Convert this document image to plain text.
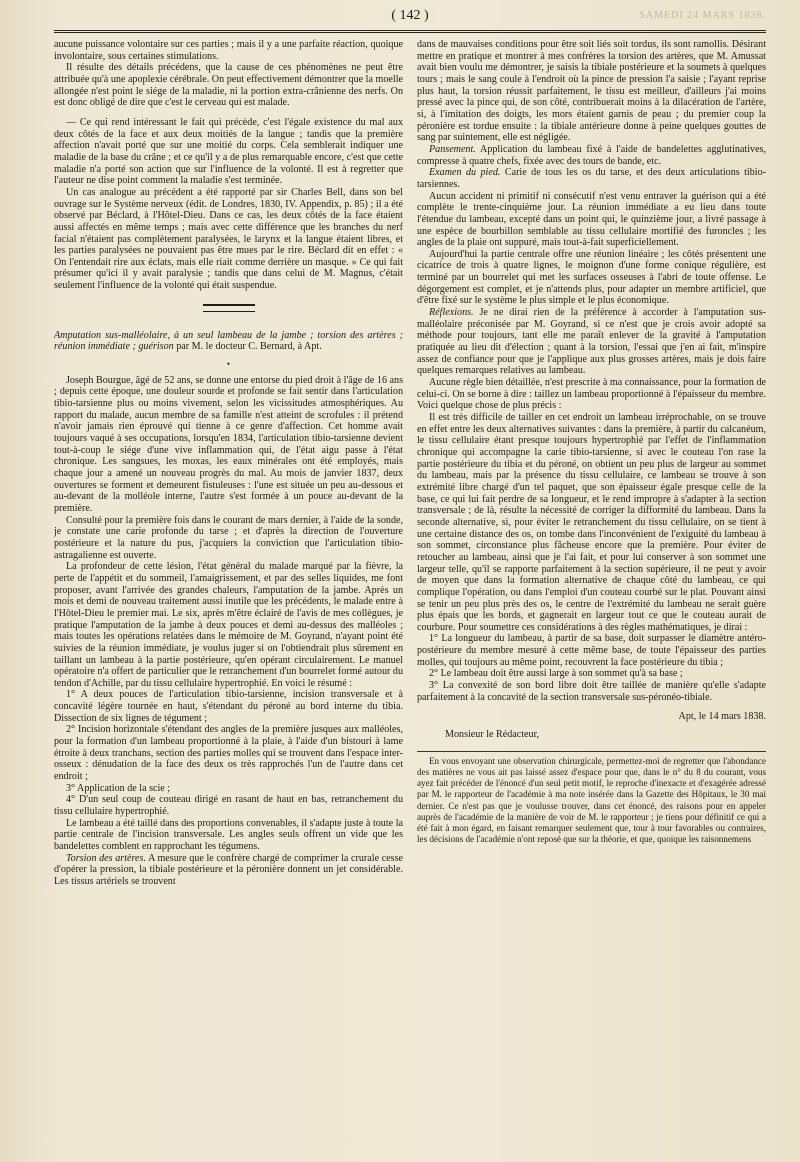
( 142 )	SAMEDI 24 MARS 1838.

aucune puissance volontaire sur ces parties ; mais il y a une parfaite réaction, quoique involontaire, sous certaines stimulations.

Il résulte des détails précédens, que la cause de ces phénomènes ne peut être attribuée qu'à une apoplexie cérébrale. On peut effectivement démontrer que la moelle allongée n'est point le siége de la maladie, ni la portion extra-crânienne des nerfs. On est donc obligé de dire que c'est le cerveau qui est malade.

— Ce qui rend intéressant le fait qui précède, c'est l'égale existence du mal aux deux côtés de la face et aux deux moitiés de la langue ; tandis que la première affection n'avait porté que sur une moitié du corps. Cela semblerait indiquer une maladie de la base du crâne ; et ce qu'il y a de plus remarquable encore, c'est que cette maladie n'a porté son action que sur l'influence de la volonté. Il est à regretter que l'auteur ne dise point comment la maladie s'est terminée.

Un cas analogue au précédent a été rapporté par sir Charles Bell, dans son bel ouvrage sur le Système nerveux (édit. de Londres, 1830, IV. Appendix, p. 85) ; il a été observé par Béclard, à l'Hôtel-Dieu. Dans ce cas, les deux côtés de la face étaient aussi affectés en même temps ; mais avec cette différence que les branches du nerf facial n'étaient pas complètement paralysées, le larynx et la langue étaient libres, et les parties paralysées ne pouvaient pas être mues par le rire. Béclard dit en effet : « On l'entendait rire aux éclats, mais elle riait comme derrière un masque. » Ce qui fait présumer qu'ici il y avait paralysie ; tandis que dans celui de M. Magnus, c'était seulement l'influence de la volonté qui était suspendue.

Amputation sus-malléolaire, à un seul lambeau de la jambe ; torsion des artères ; réunion immédiate ; guérison par M. le docteur C. Bernard, à Apt.

•

Joseph Bourgue, âgé de 52 ans, se donne une entorse du pied droit à l'âge de 16 ans ; depuis cette époque, une douleur sourde et profonde se fait sentir dans l'articulation tibio-tarsienne plus ou moins vivement, selon les vicissitudes atmosphériques. Au rapport du malade, aucun membre de sa famille n'est atteint de scrofules : il prétend n'avoir jamais rien éprouvé qui tienne à ce genre d'affection. Cet homme avait toujours vaqué à ses occupations, lorsqu'en 1834, l'articulation tibio-tarsienne devient tout-à-coup le siége d'une vive inflammation qui, de l'état aigu passe à l'état chronique. Les sangsues, les moxas, les eaux minérales ont été employés, mais chaque jour a amené un nouveau progrès du mal. Au mois de janvier 1837, deux ouvertures se forment et demeurent fistuleuses : l'une est située un peu au-dessous et au-devant de la molléole interne, l'autre s'est formée à un pouce au-devant de la première.

Consulté pour la première fois dans le courant de mars dernier, à l'aide de la sonde, je constate une carie profonde du tarse ; et d'après la direction de l'ouverture postérieure et la nature du pus, j'acquiers la conviction que l'articulation tibio-astragalienne est ouverte.

La profondeur de cette lésion, l'état général du malade marqué par la fièvre, la perte de l'appétit et du sommeil, l'amaigrissement, et par des selles liquides, me font proposer, avant l'arrivée des grandes chaleurs, l'amputation de la jambe. Après un mois et demi de nouveau traitement aussi inutile que les précédents, le malade entre à l'Hôtel-Dieu le premier mai. Le six, après m'être éclairé de l'avis de mes collègues, je pratique l'amputation de la jambe à deux pouces et demi au-dessus des malléoles ; mais toutes les opérations relatées dans le mémoire de M. Goyrand, n'ayant point été suivies de la réunion immédiate, je voulus juger si on l'obtiendrait plus sûrement en taillant un lambeau à la partie postérieure, qu'en opérant circulairement. Le manuel opératoire n'a offert de particulier que le retranchement d'un bourrelet formé autour du tendon d'Achille, par du tissu cellulaire hypertrophié. En voici le résumé :

1° A deux pouces de l'articulation tibio-tarsienne, incision transversale et à concavité légère tournée en haut, s'étendant du péroné au bord interne du tibia. Dissection de six lignes de tégument ;

2° Incision horizontale s'étendant des angles de la première jusques aux malléoles, pour la formation d'un lambeau proportionné à la plaie, à l'aide d'un bistouri à lame étroite à deux tranchans, section des parties molles qui se trouvent dans l'espace inter-osseux : dénudation de la face des deux os très rapprochés l'un de l'autre dans cet endroit ;

3° Application de la scie ;

4° D'un seul coup de couteau dirigé en rasant de haut en bas, retranchement du tissu cellulaire hypertrophié.

Le lambeau a été taillé dans des proportions convenables, il s'adapte juste à toute la partie centrale de l'incision transversale. Les angles seuls offrent un vide que les bandelettes comblent en rapprochant les tégumens.

Torsion des artères. A mesure que le confrère chargé de comprimer la crurale cesse d'opérer la pression, la tibiale postérieure et la péronière donnent un jet considérable. Les tissus artériels se trouvent

dans de mauvaises conditions pour être soit liés soit tordus, ils sont ramollis. Désirant mettre en pratique et montrer à mes confrères la torsion des artères, que M. Amussat avait bien voulu me démontrer, je saisis la tibiale postérieure et la soumets à quelques tours ; mais le sang coule à l'endroit où la pince de pression l'a saisie ; l'ayant reprise plus haut, la torsion réussit parfaitement, le tissu est meilleur, d'ailleurs j'ai moins pressé avec la pince qui, de son côté, contribuerait moins à la dilacération de l'artère, si, à l'imitation des doigts, les mors étaient garnis de peau ; du premier coup la péronière est tordue ensuite : la tibiale antérieure donne à peine quelques gouttes de sang par suintement, elle est négligée.

Pansement. Application du lambeau fixé à l'aide de bandelettes agglutinatives, compresse à quatre chefs, fixée avec des tours de bande, etc.

Examen du pied. Carie de tous les os du tarse, et des deux articulations tibio-tarsiennes.

Aucun accident ni primitif ni consécutif n'est venu entraver la guérison qui a été complète le trente-cinquième jour. La réunion immédiate a eu lieu dans toute l'étendue du lambeau, excepté dans un point qui, le quinzième jour, a livré passage à une espèce de bourbillon semblable au tissu cellulaire mortifié des furoncles ; les angles de la plaie ont suppuré, mais tout-à-fait superficiellement.

Aujourd'hui la partie centrale offre une réunion linéaire ; les côtés présentent une cicatrice de trois à quatre lignes, le moignon d'une forme conique régulière, est terminé par un bourrelet qui met les surfaces osseuses à l'abri de toute offense. Le dégorgement est complet, et je n'attends plus, pour adapter un membre artificiel, que d'être fixé sur le système le plus simple et le plus économique.

Réflexions. Je ne dirai rien de la préférence à accorder à l'amputation sus-malléolaire préconisée par M. Goyrand, si ce n'est que je crois avoir adopté sa méthode pour toujours, tant elle me paraît enlever de la gravité à l'amputation pratiquée au lieu dit d'élection ; quant à la torsion, l'essai que j'en ai fait, m'inspire assez de confiance pour que je l'applique aux plus grosses artères, mais je dois faire quelques remarques relatives au lambeau.

Aucune règle bien détaillée, n'est prescrite à ma connaissance, pour la formation de celui-ci. On se borne à dire : taillez un lambeau proportionné à l'épaisseur du membre. Voici quelque chose de plus précis :

Il est très difficile de tailler en cet endroit un lambeau irréprochable, on se trouve en effet entre les deux alternatives suivantes : dans la première, à partir du calcanéum, le tissu cellulaire étant presque toujours hypertrophié par l'effet de l'inflammation chronique qui accompagne la carie tibio-tarsienne, si avec le couteau l'on rase la partie postérieure du tibia et du péroné, on obtient un peu plus de largeur au sommet du lambeau, mais par la présence du tissu cellulaire, ce lambeau se trouve à son extrémité libre chargé d'un tel paquet, que son épaisseur égale presque celle de la base, ce qui lui fait perdre de sa longueur, et le rend impropre à s'adapter à la section transversale ; de là, résulte la nécessité de corriger la difformité du lambeau. Dans la seconde alternative, si, pour éviter le retranchement du tissu cellulaire, on se tient à une certaine distance des os, on tombe dans l'inconvénient de l'exiguité du lambeau à son sommet, circonstance plus fâcheuse encore que la première. Pour éviter de retoucher au lambeau, ainsi que je l'ai fait, et pour lui conserver à son sommet une largeur telle, qu'il se rapporte parfaitement à la section supérieure, il ne peut y avoir de moyen que dans la formation alternative de chaque côté du lambeau, ce qui complique l'opération, ou dans l'emploi d'un couteau courbé sur le plat. Pouvant ainsi se tenir un peu plus près des os, le centre de l'extrémité du lambeau ne serait guère plus épais que les bords, et gagnerait en largeur tout ce que le couteau aurait de courbure. Pour soumettre ces considérations à des règles mathématiques, je dirai :

1° La longueur du lambeau, à partir de sa base, doit surpasser le diamètre antéro-postérieure du membre mesuré à cette même base, de toute l'épaisseur des parties molles, qui toujours au même point, recouvrent la face postérieure du tibia ;

2° Le lambeau doit être aussi large à son sommet qu'à sa base ;

3° La convexité de son bord libre doit être taillée de manière qu'elle s'adapte parfaitement à la concavité de la section transversale sus-péronéo-tibiale.

Apt, le 14 mars 1838.

Monsieur le Rédacteur,

En vous envoyant une observation chirurgicale, permettez-moi de regretter que l'abondance des matières ne vous ait pas laissé assez d'espace pour que, dans le n° du 8 du courant, vous ayez fait précéder de l'énoncé d'un seul petit motif, le reproche d'inexacte et d'exagérée adressé par M. le rapporteur de l'académie à ma note insérée dans la Gazette des Hôpitaux, le 30 mai dernier. Ce n'est pas que je voulusse trouver, dans cet énoncé, des raisons pour en appeler auprès de l'académie de la manière de voir de M. le rapporteur ; je tiens pour définitif ce qui a été fait à mon égard, en faisant remarquer seulement que, tour à tour favorables ou contraires, les décisions de l'académie n'ont reposé que sur la théorie, et que, quoique les raisonnemens
